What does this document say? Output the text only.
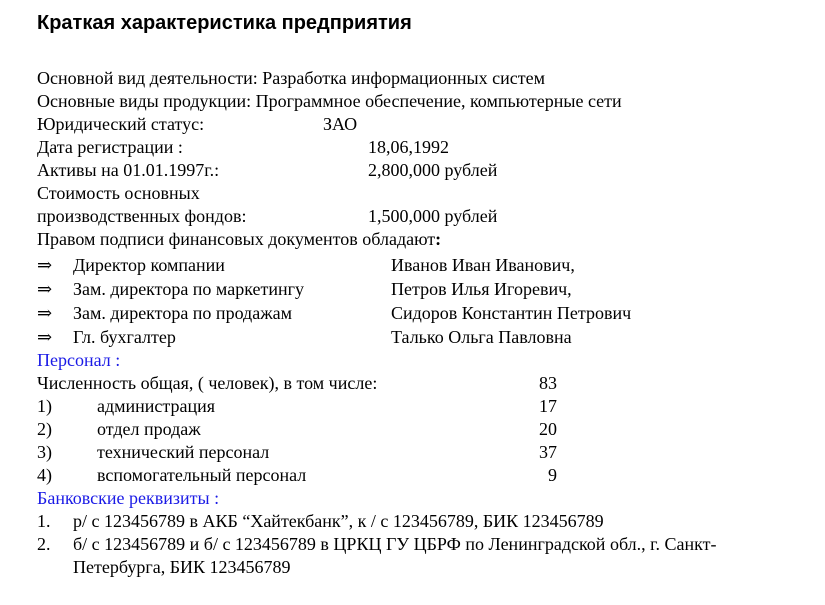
Краткая характеристика предприятия
Основной вид деятельности: Разработка информационных систем
Основные виды продукции: Программное обеспечение, компьютерные сети
Юридический статус:	ЗАО
Дата регистрации :	18,06,1992
Активы на 01.01.1997г.:	2,800,000 рублей
Стоимость основных
производственных фондов:	1,500,000 рублей
Правом подписи финансовых документов обладают:
⇒ Директор компании	Иванов Иван Иванович,
⇒ Зам. директора по маркетингу	Петров Илья Игоревич,
⇒ Зам. директора по продажам	Сидоров Константин Петрович
⇒ Гл. бухгалтер	Талько Ольга Павловна
Персонал :
Численность общая, ( человек), в том числе:	83
1)	администрация	17
2)	отдел продаж	20
3)	технический персонал	37
4)	вспомогательный персонал	9
Банковские реквизиты :
1. р/ с 123456789 в АКБ “Хайтекбанк”, к / с 123456789, БИК 123456789
2. б/ с 123456789 и б/ с 123456789 в ЦРКЦ ГУ ЦБРФ по Ленинградской обл., г. Санкт-
Петербурга, БИК 123456789
